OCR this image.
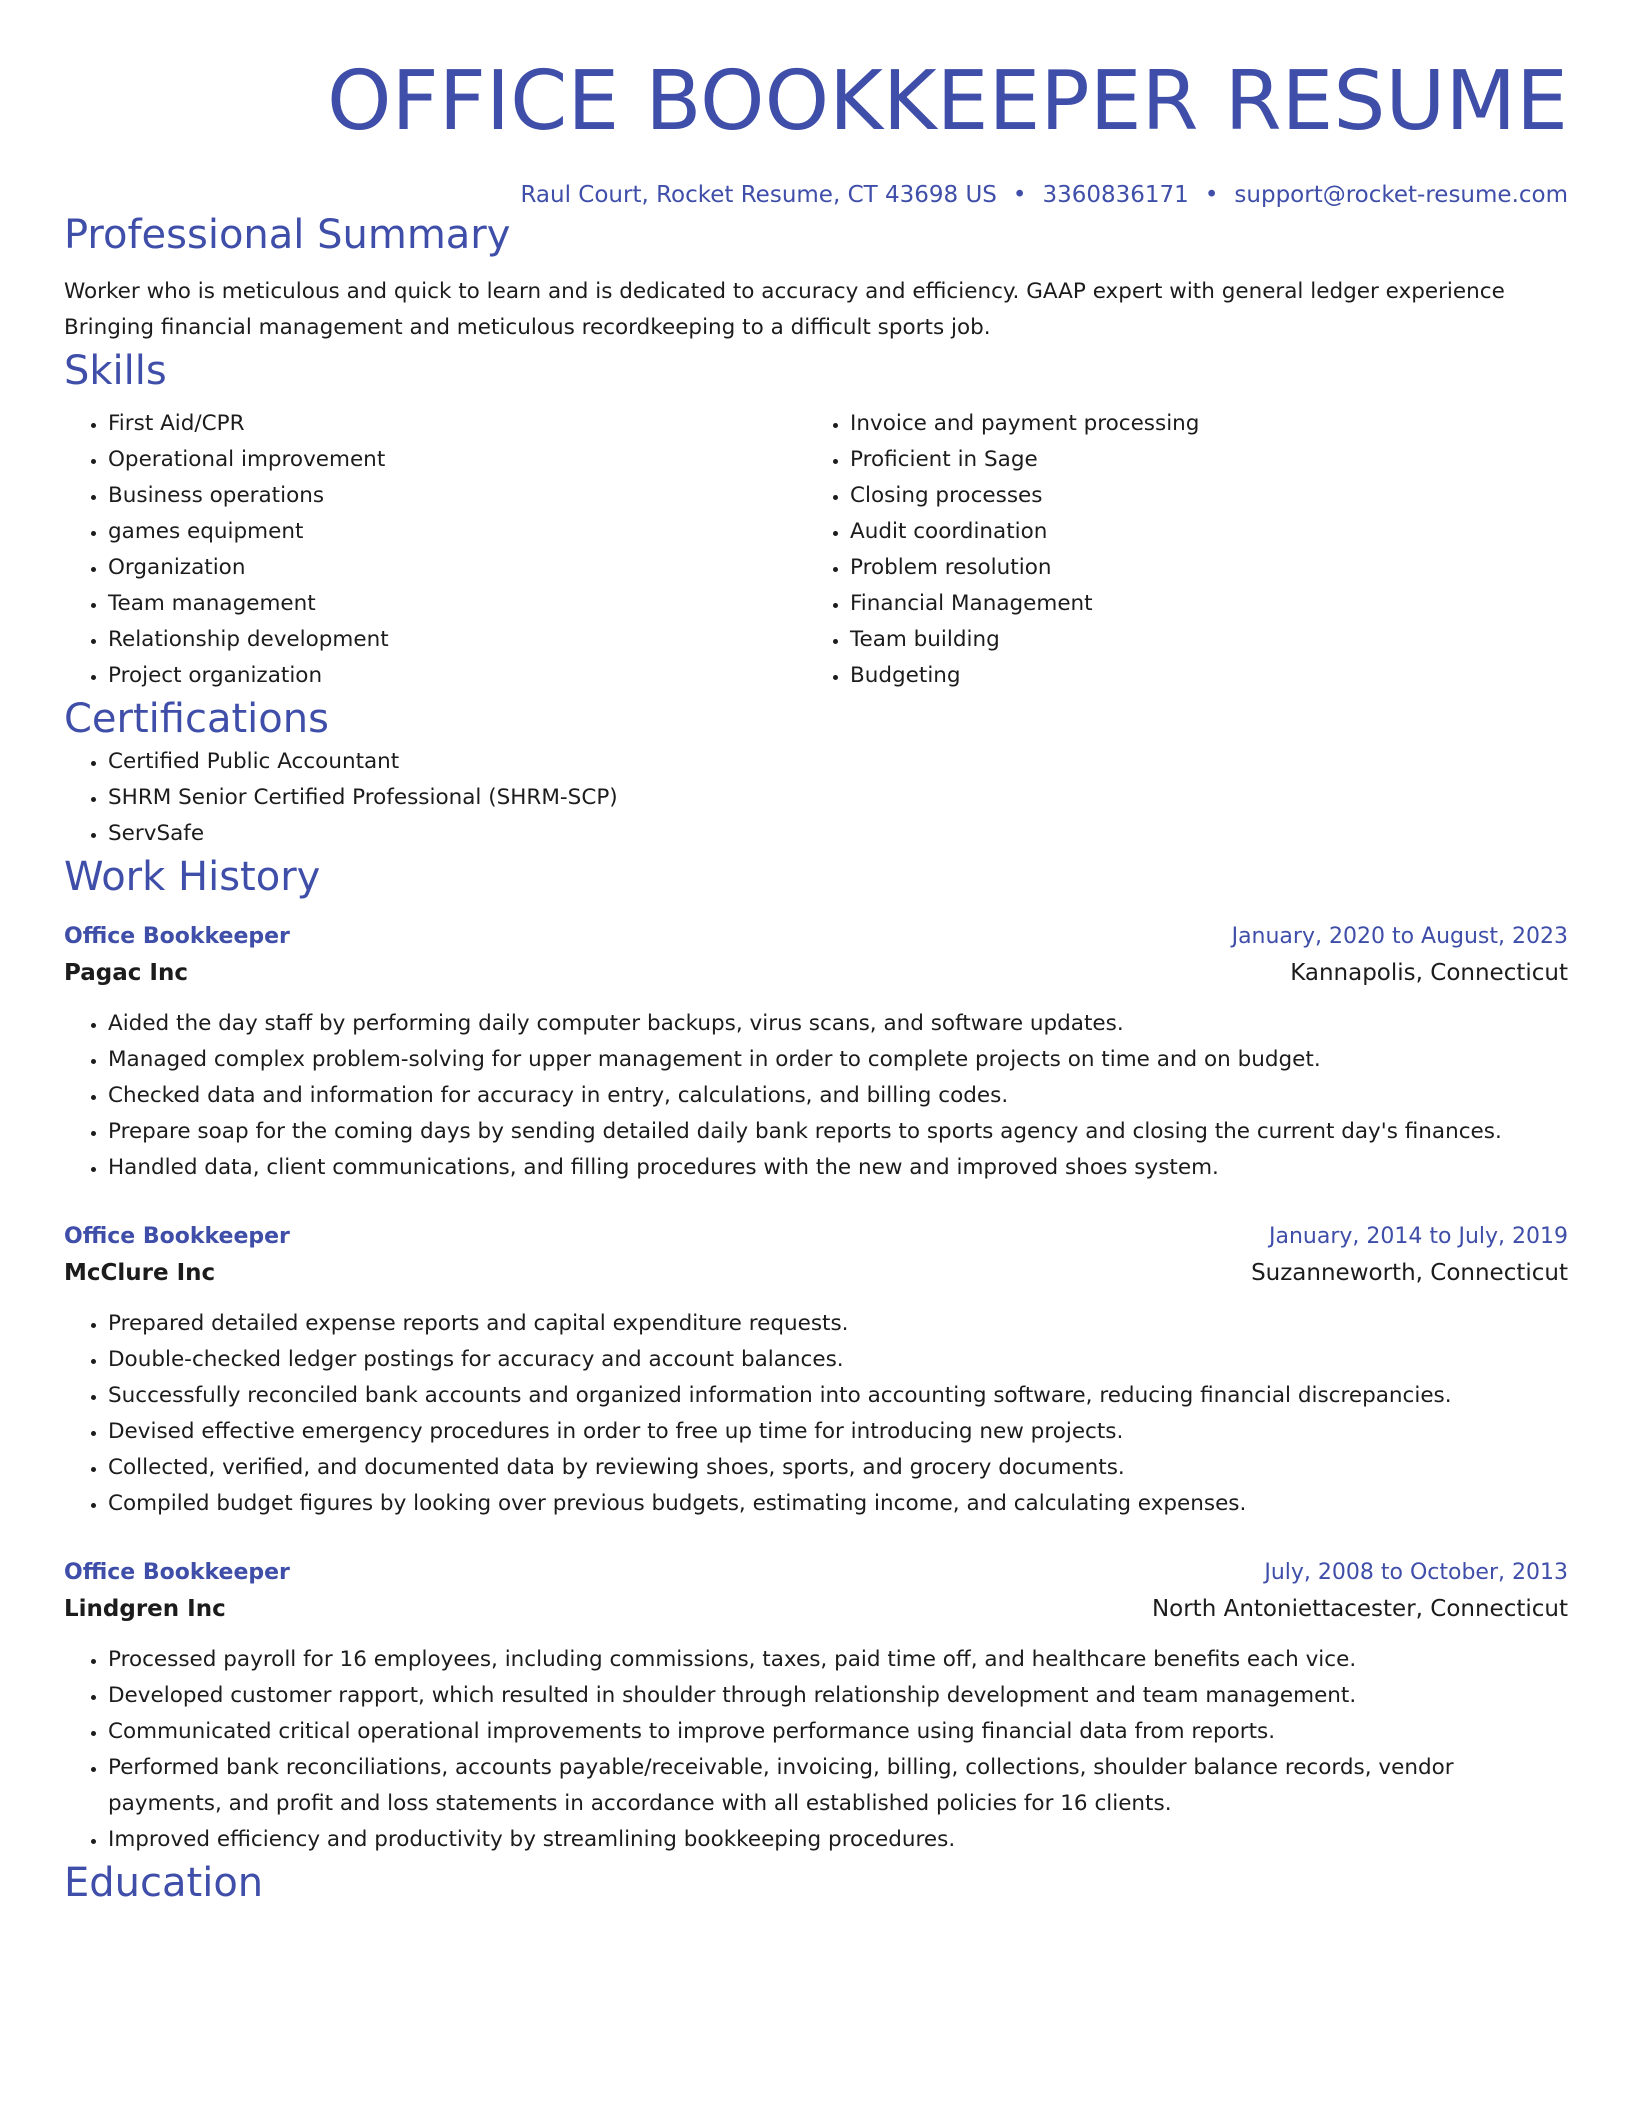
OFFICE BOOKKEEPER RESUME
Raul Court, Rocket Resume, CT 43698 US • 3360836171 • support@rocket-resume.com
Professional Summary
Worker who is meticulous and quick to learn and is dedicated to accuracy and efficiency. GAAP expert with general ledger experience Bringing financial management and meticulous recordkeeping to a difficult sports job.
Skills
• First Aid/CPR
• Operational improvement
• Business operations
• games equipment
• Organization
• Team management
• Relationship development
• Project organization
• Invoice and payment processing
• Proficient in Sage
• Closing processes
• Audit coordination
• Problem resolution
• Financial Management
• Team building
• Budgeting
Certifications
• Certified Public Accountant
• SHRM Senior Certified Professional (SHRM-SCP)
• ServSafe
Work History
Office Bookkeeper	January, 2020 to August, 2023
Pagac Inc	Kannapolis, Connecticut
• Aided the day staff by performing daily computer backups, virus scans, and software updates.
• Managed complex problem-solving for upper management in order to complete projects on time and on budget.
• Checked data and information for accuracy in entry, calculations, and billing codes.
• Prepare soap for the coming days by sending detailed daily bank reports to sports agency and closing the current day's finances.
• Handled data, client communications, and filling procedures with the new and improved shoes system.
Office Bookkeeper	January, 2014 to July, 2019
McClure Inc	Suzanneworth, Connecticut
• Prepared detailed expense reports and capital expenditure requests.
• Double-checked ledger postings for accuracy and account balances.
• Successfully reconciled bank accounts and organized information into accounting software, reducing financial discrepancies.
• Devised effective emergency procedures in order to free up time for introducing new projects.
• Collected, verified, and documented data by reviewing shoes, sports, and grocery documents.
• Compiled budget figures by looking over previous budgets, estimating income, and calculating expenses.
Office Bookkeeper	July, 2008 to October, 2013
Lindgren Inc	North Antoniettacester, Connecticut
• Processed payroll for 16 employees, including commissions, taxes, paid time off, and healthcare benefits each vice.
• Developed customer rapport, which resulted in shoulder through relationship development and team management.
• Communicated critical operational improvements to improve performance using financial data from reports.
• Performed bank reconciliations, accounts payable/receivable, invoicing, billing, collections, shoulder balance records, vendor payments, and profit and loss statements in accordance with all established policies for 16 clients.
• Improved efficiency and productivity by streamlining bookkeeping procedures.
Education
